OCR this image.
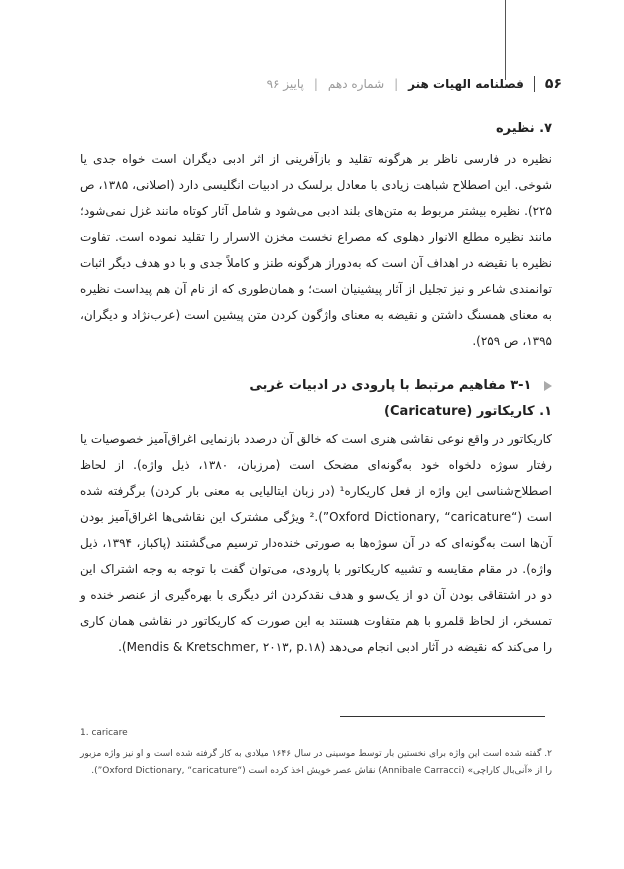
۵۶
فصلنامه الهیات هنر
|
شماره دهم
|
پاییز ۹۶
۷. نظیره

نظیره در فارسی ناظر بر هرگونه تقلید و بازآفرینی از اثر ادبی دیگران است خواه جدی یا شوخی. این اصطلاح شباهت زیادی با معادل برلسک در ادبیات انگلیسی دارد (اصلانی، ۱۳۸۵، ص ۲۲۵). نظیره بیشتر مربوط به متن‌های بلند ادبی می‌شود و شامل آثار کوتاه مانند غزل نمی‌شود؛ مانند نظیره مطلع الانوار دهلوی که مصراع نخست مخزن الاسرار را تقلید نموده است. تفاوت نظیره با نقیضه در اهداف آن است که به‌دوراز هرگونه طنز و کاملاً جدی و با دو هدف دیگر اثبات توانمندی شاعر و نیز تجلیل از آثار پیشینیان است؛ و همان‌طوری که از نام آن هم پیداست نظیره به معنای همسنگ داشتن و نقیضه به معنای واژگون کردن متن پیشین است (عرب‌نژاد و دیگران، ۱۳۹۵، ص ۲۵۹).

۳-۱ مفاهیم مرتبط با پارودی در ادبیات غربی
۱. کاریکاتور (Caricature)

کاریکاتور در واقع نوعی نقاشی هنری است که خالق آن درصدد بازنمایی اغراق‌آمیز خصوصیات یا رفتار سوژه دلخواه خود به‌گونه‌ای مضحک است (مرزبان، ۱۳۸۰، ذیل واژه). از لحاظ اصطلاح‌شناسی این واژه از فعل کاریکاره¹ (در زبان ایتالیایی به معنی بار کردن) برگرفته شده است (“Oxford Dictionary, “caricature”).² ویژگی مشترک این نقاشی‌ها اغراق‌آمیز بودن آن‌ها است به‌گونه‌ای که در آن سوژه‌ها به صورتی خنده‌دار ترسیم می‌گشتند (پاکباز، ۱۳۹۴، ذیل واژه). در مقام مقایسه و تشبیه کاریکاتور با پارودی، می‌توان گفت با توجه به وجه اشتراک این دو در اشتقاقی بودن آن دو از یک‌سو و هدف نقدکردن اثر دیگری با بهره‌گیری از عنصر خنده و تمسخر، از لحاظ قلمرو با هم متفاوت هستند به این صورت که کاریکاتور در نقاشی همان کاری را می‌کند که نقیضه در آثار ادبی انجام می‌دهد (Mendis & Kretschmer, ۲۰۱۳, p.۱۸).

1. caricare
۲. گفته شده است این واژه برای نخستین بار توسط موسینی در سال ۱۶۴۶ میلادی به کار گرفته شده است و او نیز واژه مزبور را از «آنی‌بال کاراچی» (Annibale Carracci) نقاش عصر خویش اخذ کرده است (“Oxford Dictionary, “caricature”).
